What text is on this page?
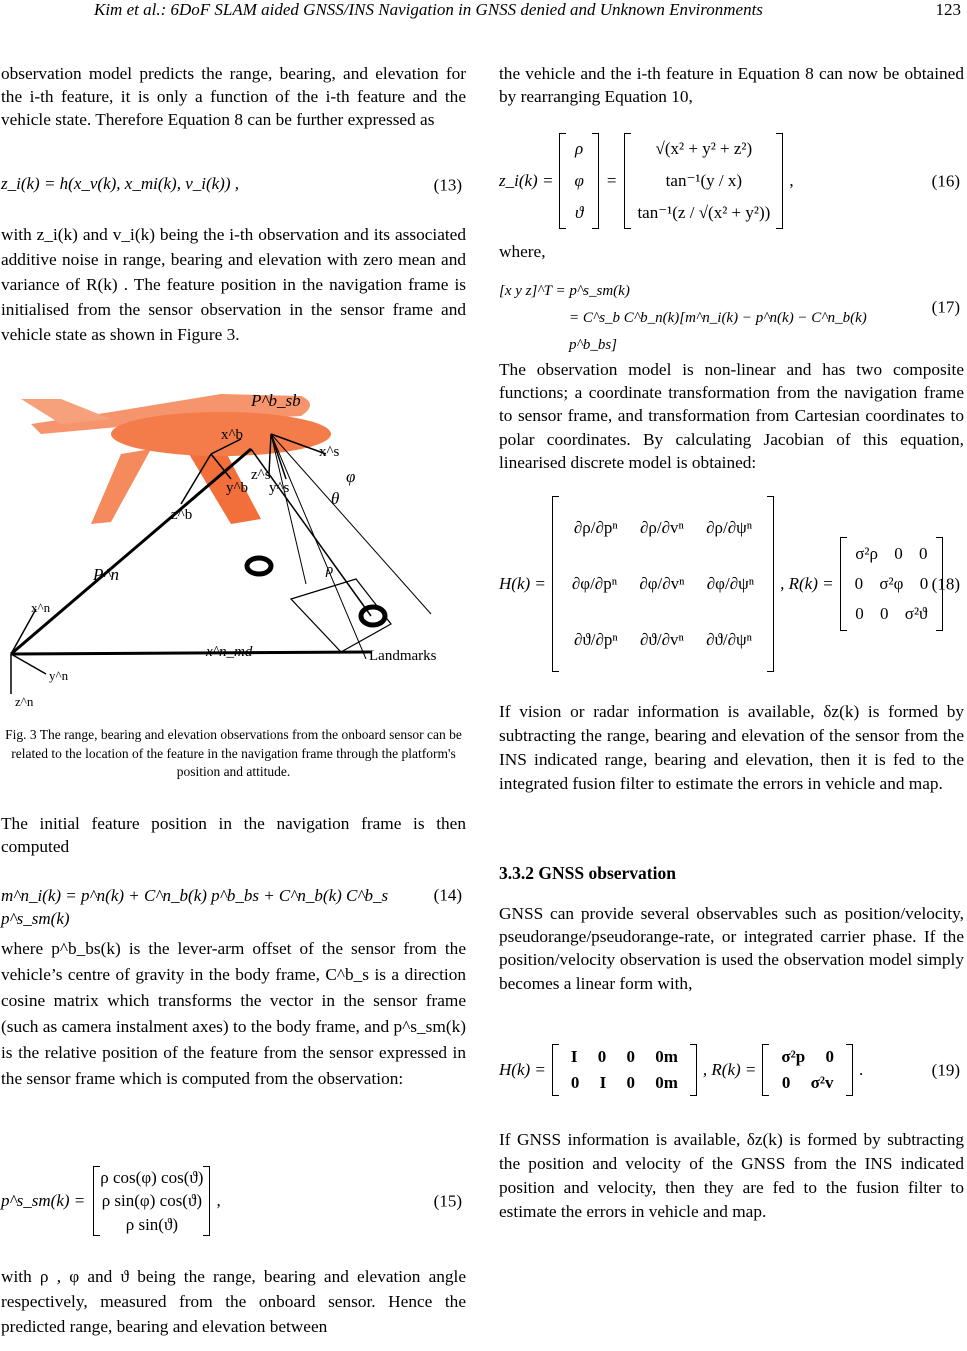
Kim et al.: 6DoF SLAM aided GNSS/INS Navigation in GNSS denied and Unknown Environments	123

observation model predicts the range, bearing, and elevation for the i-th feature, it is only a function of the i-th feature and the vehicle state. Therefore Equation 8 can be further expressed as

z_i(k) = h(x_v(k), x_mi(k), v_i(k)) ,	(13)

with z_i(k) and v_i(k) being the i-th observation and its associated additive noise in range, bearing and elevation with zero mean and variance of R(k) . The feature position in the navigation frame is initialised from the sensor observation in the sensor frame and vehicle state as shown in Figure 3.

P^b_sb
x^b
x^s
y^b
z^s
y^s
φ
θ
z^b
ρ
P^n
x^n
y^n
z^n
x^n_md	Landmarks

Fig. 3 The range, bearing and elevation observations from the onboard sensor can be related to the location of the feature in the navigation frame through the platform's position and attitude.

The initial feature position in the navigation frame is then computed

m^n_i(k) = p^n(k) + C^n_b(k) p^b_bs + C^n_b(k) C^b_s p^s_sm(k)
(14)

where p^b_bs(k) is the lever-arm offset of the sensor from the vehicle’s centre of gravity in the body frame, C^b_s is a direction cosine matrix which transforms the vector in the sensor frame (such as camera instalment axes) to the body frame, and p^s_sm(k) is the relative position of the feature from the sensor expressed in the sensor frame which is computed from the observation:

p^s_sm(k) =
ρ cos(φ) cos(ϑ)
ρ sin(φ) cos(ϑ)
ρ sin(ϑ)
,	(15)

with ρ , φ and ϑ being the range, bearing and elevation angle respectively, measured from the onboard sensor. Hence the predicted range, bearing and elevation between

the vehicle and the i-th feature in Equation 8 can now be obtained by rearranging Equation 10,

z_i(k) =
ρ
φ
ϑ
=
√(x² + y² + z²)
tan⁻¹(y / x)
tan⁻¹(z / √(x² + y²))
,	(16)

where,

[x y z]^T = p^s_sm(k)
= C^s_b C^b_n(k)[m^n_i(k) − p^n(k) − C^n_b(k) p^b_bs]
(17)

The observation model is non-linear and has two composite functions; a coordinate transformation from the navigation frame to sensor frame, and transformation from Cartesian coordinates to polar coordinates. By calculating Jacobian of this equation, linearised discrete model is obtained:

H(k) =
∂ρ/∂pⁿ ∂ρ/∂vⁿ ∂ρ/∂ψⁿ
∂φ/∂pⁿ ∂φ/∂vⁿ ∂φ/∂ψⁿ
∂ϑ/∂pⁿ ∂ϑ/∂vⁿ ∂ϑ/∂ψⁿ
, R(k) =
σ²ρ 0 0
0 σ²φ 0
0 0 σ²ϑ
(18)

If vision or radar information is available, δz(k) is formed by subtracting the range, bearing and elevation of the sensor from the INS indicated range, bearing and elevation, then it is fed to the integrated fusion filter to estimate the errors in vehicle and map.

3.3.2 GNSS observation

GNSS can provide several observables such as position/velocity, pseudorange/pseudorange-rate, or integrated carrier phase. If the position/velocity observation is used the observation model simply becomes a linear form with,

H(k) =
I 0 0 0m
0 I 0 0m
, R(k) =
σ²p 0
0 σ²v
.	(19)

If GNSS information is available, δz(k) is formed by subtracting the position and velocity of the GNSS from the INS indicated position and velocity, then they are fed to the fusion filter to estimate the errors in vehicle and map.
